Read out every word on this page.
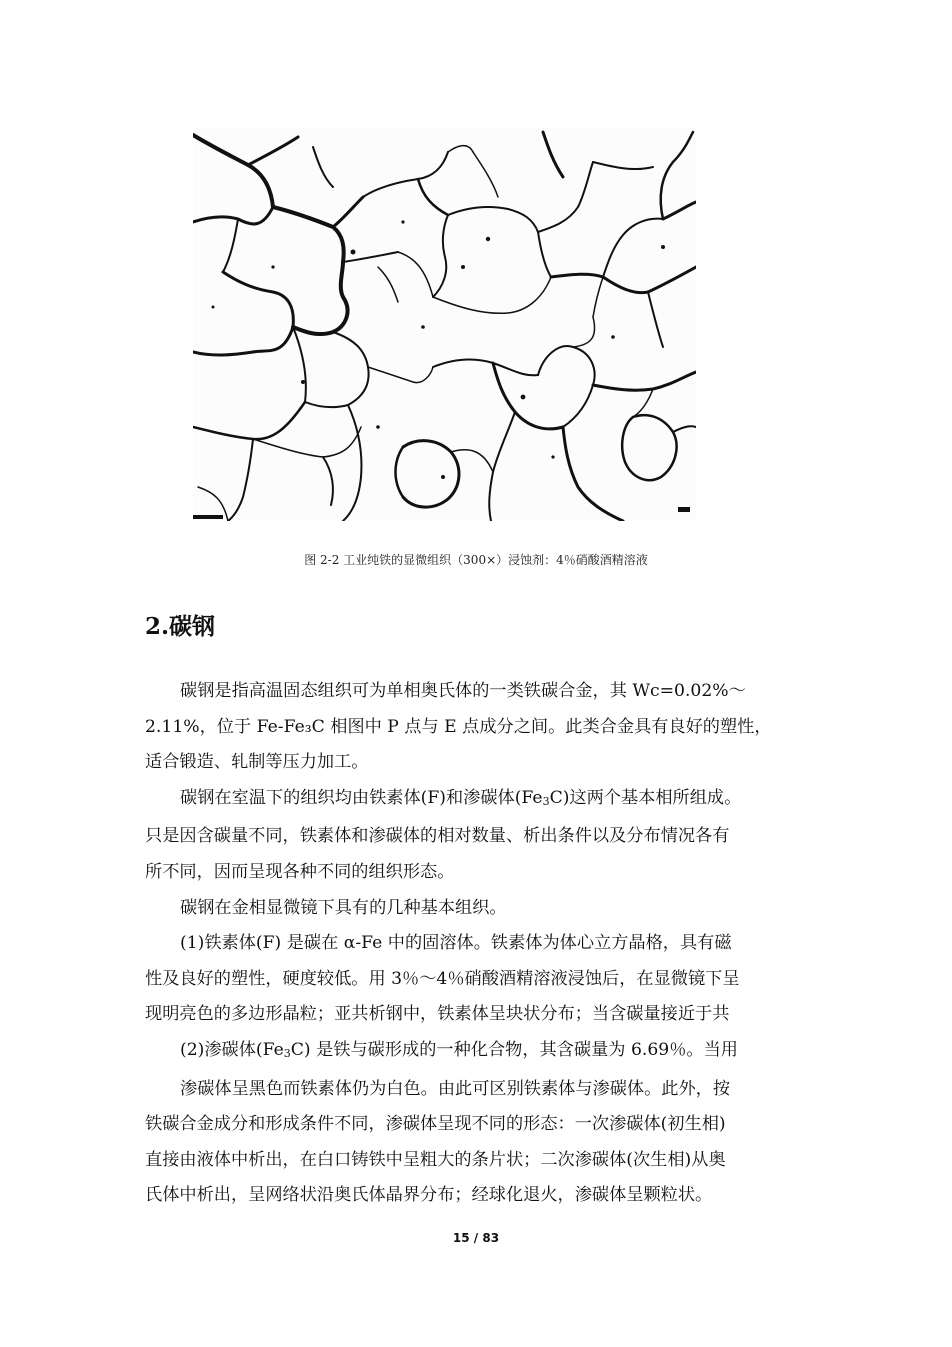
图 2-2 工业纯铁的显微组织（300×）浸蚀剂：4％硝酸酒精溶液
2.碳钢
碳钢是指高温固态组织可为单相奥氏体的一类铁碳合金，其 Wc=0.02%～
2.11%，位于 Fe-Fe₃C 相图中 P 点与 E 点成分之间。此类合金具有良好的塑性，
适合锻造、轧制等压力加工。
碳钢在室温下的组织均由铁素体(F)和渗碳体$(Fe_3C)$这两个基本相所组成。
只是因含碳量不同，铁素体和渗碳体的相对数量、析出条件以及分布情况各有
所不同，因而呈现各种不同的组织形态。
碳钢在金相显微镜下具有的几种基本组织。
(1)铁素体(F) 是碳在 α-Fe 中的固溶体。铁素体为体心立方晶格，具有磁
性及良好的塑性，硬度较低。用 3％～4％硝酸酒精溶液浸蚀后，在显微镜下呈
现明亮色的多边形晶粒；亚共析钢中，铁素体呈块状分布；当含碳量接近于共
(2)渗碳体$(Fe_3C)$ 是铁与碳形成的一种化合物，其含碳量为 6.69％。当用
渗碳体呈黑色而铁素体仍为白色。由此可区别铁素体与渗碳体。此外，按
铁碳合金成分和形成条件不同，渗碳体呈现不同的形态：一次渗碳体(初生相)
直接由液体中析出，在白口铸铁中呈粗大的条片状；二次渗碳体(次生相)从奥
氏体中析出，呈网络状沿奥氏体晶界分布；经球化退火，渗碳体呈颗粒状。
15 / 83
